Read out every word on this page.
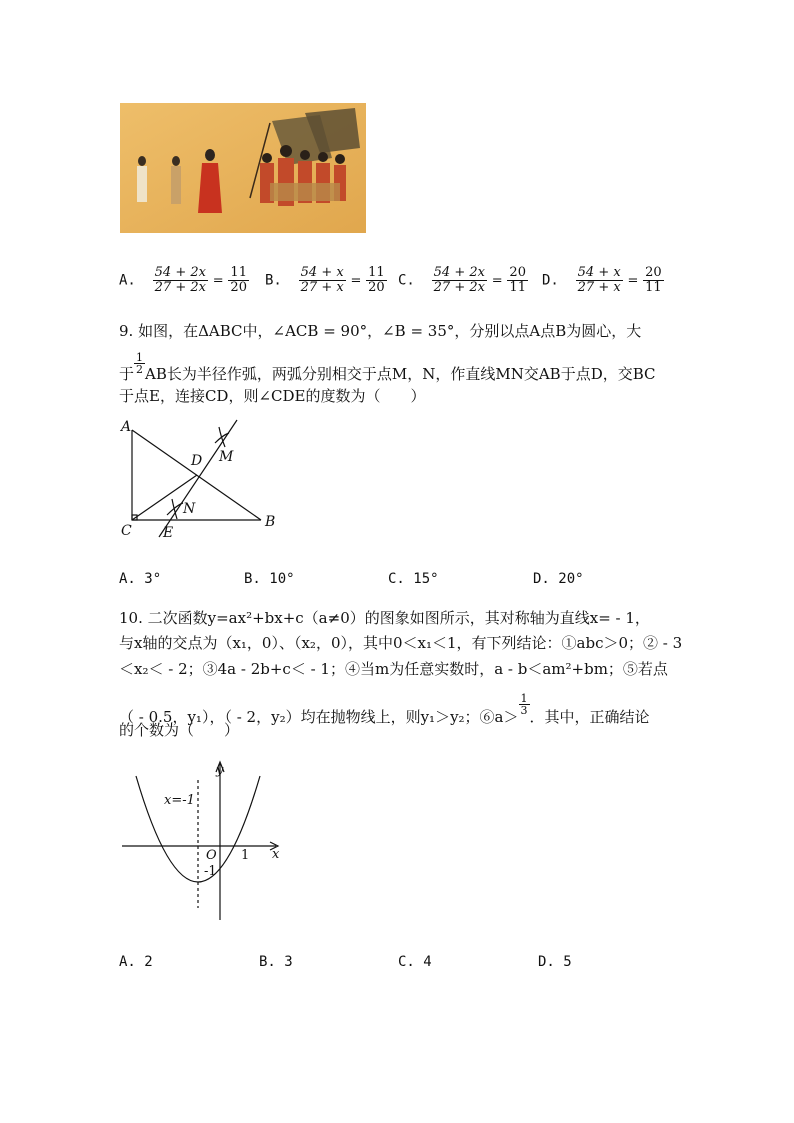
A. $\frac{54 + 2x}{27 + 2x} = \frac{11}{20} B$. $\frac{54 + x}{27 + x} = \frac{11}{20} C$. $\frac{54 + 2x}{27 + 2x} = \frac{20}{11} D$. $\frac{54 + x}{27 + x} = \frac{20}{11}$
9. 如图，在ΔABC中，∠ACB = 90°，∠B = 35°，分别以点A点B为圆心，大
于 $\frac{1}{2}$ AB长为半径作弧，两弧分别相交于点M，N，作直线MN交AB于点D，交BC
于点E，连接CD，则∠CDE的度数为（　　）
A
B
C
D
E
M
N
A. 3°	B. 10°	C. 15°	D. 20°
10. 二次函数y=ax²+bx+c（a≠0）的图象如图所示，其对称轴为直线x= - 1，
与x轴的交点为（x₁，0）、（x₂，0），其中0＜x₁＜1，有下列结论：①abc＞0；② - 3
＜x₂＜ - 2；③4a - 2b+c＜ - 1；④当m为任意实数时，a - b＜am²+bm；⑤若点
（ - 0.5，y₁），（ - 2，y₂）均在抛物线上，则y₁＞y₂；⑥a＞
$\frac{1}{3}$
．其中，正确结论
的个数为（　　）
y
x
O 1
-1
x=-1
A. 2	B. 3	C. 4	D. 5
